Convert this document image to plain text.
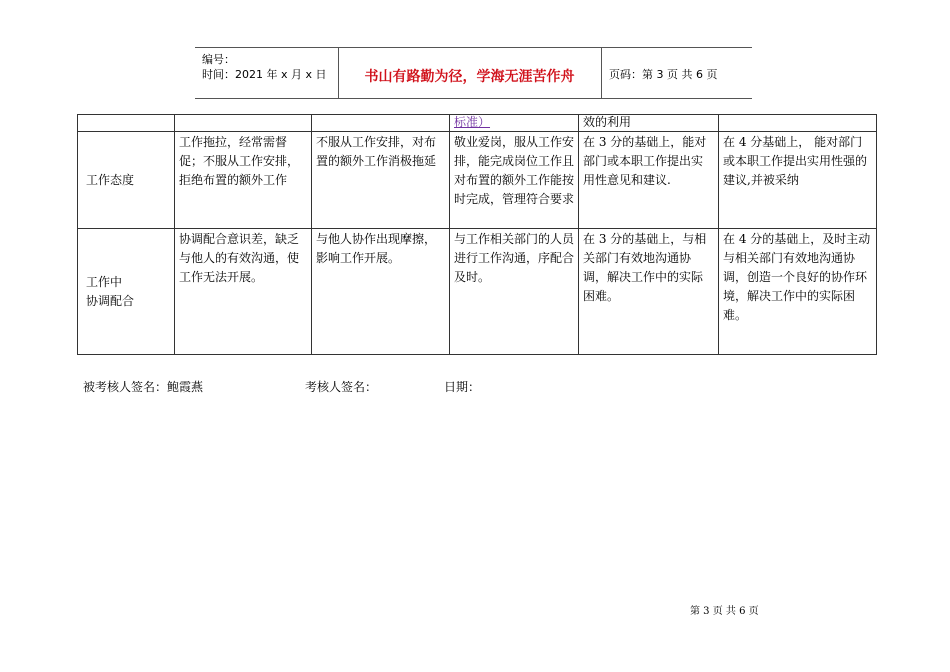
编号：
时间：2021 年 x 月 x 日	书山有路勤为径，学海无涯苦作舟	页码：第 3 页 共 6 页
			标准）	效的利用	
工作态度	工作拖拉，经常需督促；不服从工作安排，拒绝布置的额外工作	不服从工作安排，对布置的额外工作消极拖延	敬业爱岗，服从工作安排，能完成岗位工作且对布置的额外工作能按时完成，管理符合要求	在 3 分的基础上，能对部门或本职工作提出实用性意见和建议.	在 4 分基础上， 能对部门或本职工作提出实用性强的建议,并被采纳

工作中
协调配合	协调配合意识差，缺乏与他人的有效沟通，使工作无法开展。	与他人协作出现摩擦，影响工作开展。	与工作相关部门的人员进行工作沟通，序配合及时。	在 3 分的基础上，与相关部门有效地沟通协调，解决工作中的实际困难。	在 4 分的基础上，及时主动与相关部门有效地沟通协调，创造一个良好的协作环境，解决工作中的实际困难。
被考核人签名：鲍霞燕	考核人签名：	日期：
第 3 页 共 6 页
